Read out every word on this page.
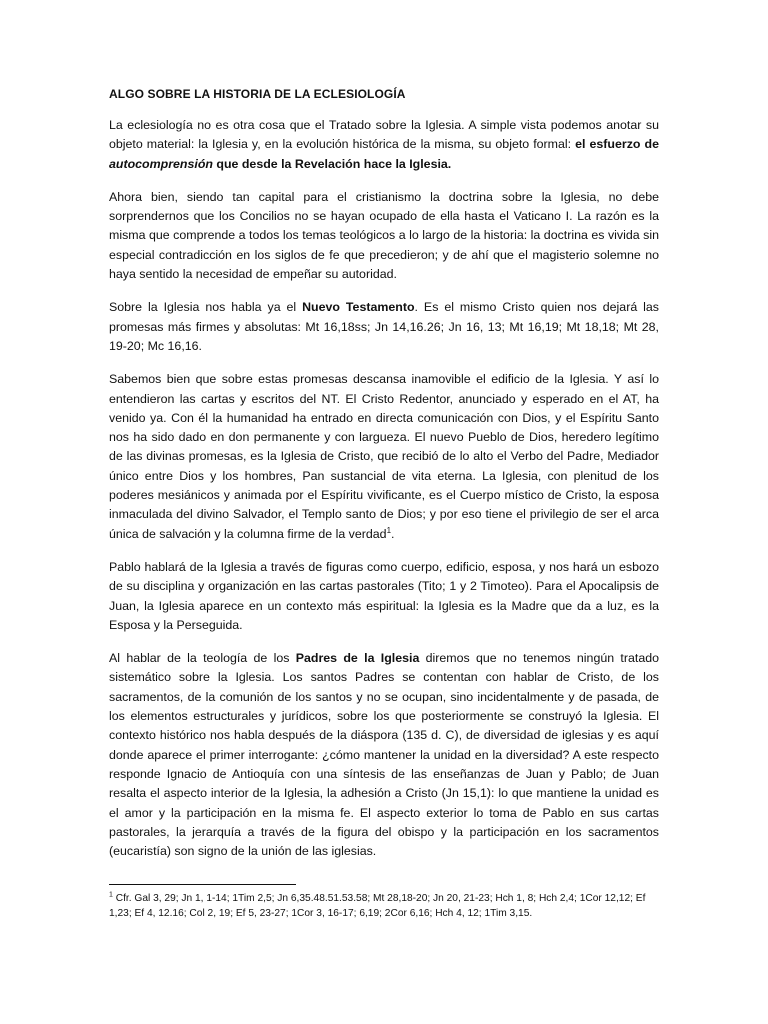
ALGO SOBRE LA HISTORIA DE LA ECLESIOLOGÍA

La eclesiología no es otra cosa que el Tratado sobre la Iglesia. A simple vista podemos anotar su objeto material: la Iglesia y, en la evolución histórica de la misma, su objeto formal: el esfuerzo de autocomprensión que desde la Revelación hace la Iglesia.

Ahora bien, siendo tan capital para el cristianismo la doctrina sobre la Iglesia, no debe sorprendernos que los Concilios no se hayan ocupado de ella hasta el Vaticano I. La razón es la misma que comprende a todos los temas teológicos a lo largo de la historia: la doctrina es vivida sin especial contradicción en los siglos de fe que precedieron; y de ahí que el magisterio solemne no haya sentido la necesidad de empeñar su autoridad.

Sobre la Iglesia nos habla ya el Nuevo Testamento. Es el mismo Cristo quien nos dejará las promesas más firmes y absolutas: Mt 16,18ss; Jn 14,16.26; Jn 16, 13; Mt 16,19; Mt 18,18; Mt 28, 19-20; Mc 16,16.

Sabemos bien que sobre estas promesas descansa inamovible el edificio de la Iglesia. Y así lo entendieron las cartas y escritos del NT. El Cristo Redentor, anunciado y esperado en el AT, ha venido ya. Con él la humanidad ha entrado en directa comunicación con Dios, y el Espíritu Santo nos ha sido dado en don permanente y con largueza. El nuevo Pueblo de Dios, heredero legítimo de las divinas promesas, es la Iglesia de Cristo, que recibió de lo alto el Verbo del Padre, Mediador único entre Dios y los hombres, Pan sustancial de vita eterna. La Iglesia, con plenitud de los poderes mesiánicos y animada por el Espíritu vivificante, es el Cuerpo místico de Cristo, la esposa inmaculada del divino Salvador, el Templo santo de Dios; y por eso tiene el privilegio de ser el arca única de salvación y la columna firme de la verdad$^1$.

Pablo hablará de la Iglesia a través de figuras como cuerpo, edificio, esposa, y nos hará un esbozo de su disciplina y organización en las cartas pastorales (Tito; 1 y 2 Timoteo). Para el Apocalipsis de Juan, la Iglesia aparece en un contexto más espiritual: la Iglesia es la Madre que da a luz, es la Esposa y la Perseguida.

Al hablar de la teología de los Padres de la Iglesia diremos que no tenemos ningún tratado sistemático sobre la Iglesia. Los santos Padres se contentan con hablar de Cristo, de los sacramentos, de la comunión de los santos y no se ocupan, sino incidentalmente y de pasada, de los elementos estructurales y jurídicos, sobre los que posteriormente se construyó la Iglesia. El contexto histórico nos habla después de la diáspora (135 d. C), de diversidad de iglesias y es aquí donde aparece el primer interrogante: ¿cómo mantener la unidad en la diversidad? A este respecto responde Ignacio de Antioquía con una síntesis de las enseñanzas de Juan y Pablo; de Juan resalta el aspecto interior de la Iglesia, la adhesión a Cristo (Jn 15,1): lo que mantiene la unidad es el amor y la participación en la misma fe. El aspecto exterior lo toma de Pablo en sus cartas pastorales, la jerarquía a través de la figura del obispo y la participación en los sacramentos (eucaristía) son signo de la unión de las iglesias.

$^1$ Cfr. Gal 3, 29; Jn 1, 1-14; 1Tim 2,5; Jn 6,35.48.51.53.58; Mt 28,18-20; Jn 20, 21-23; Hch 1, 8; Hch 2,4; 1Cor 12,12; Ef 1,23; Ef 4, 12.16; Col 2, 19; Ef 5, 23-27; 1Cor 3, 16-17; 6,19; 2Cor 6,16; Hch 4, 12; 1Tim 3,15.
